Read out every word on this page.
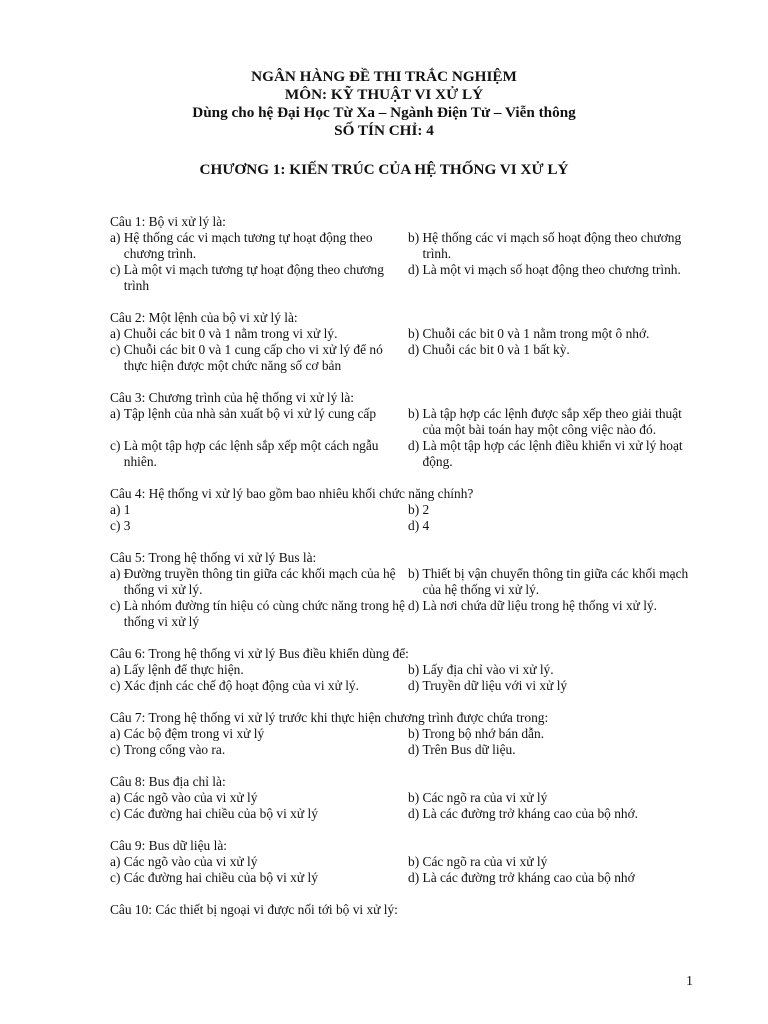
NGÂN HÀNG ĐỀ THI TRẮC NGHIỆM
MÔN: KỸ THUẬT VI XỬ LÝ
Dùng cho hệ Đại Học Từ Xa – Ngành Điện Tử – Viễn thông
SỐ TÍN CHỈ: 4
CHƯƠNG 1: KIẾN TRÚC CỦA HỆ THỐNG VI XỬ LÝ
Câu 1: Bộ vi xử lý là:
a) Hệ thống các vi mạch tương tự hoạt động theo chương trình.
b) Hệ thống các vi mạch số hoạt động theo chương trình.
c) Là một vi mạch tương tự hoạt động theo chương trình
d) Là một vi mạch số hoạt động theo chương trình.
Câu 2: Một lệnh của bộ vi xử lý là:
a) Chuỗi các bit 0 và 1 nằm trong vi xử lý.	b) Chuỗi các bit 0 và 1 nằm trong một ô nhớ.
c) Chuỗi các bit 0 và 1 cung cấp cho vi xử lý để nó thực hiện được một chức năng số cơ bản
d) Chuỗi các bit 0 và 1 bất kỳ.
Câu 3: Chương trình của hệ thống vi xử lý là:
a) Tập lệnh của nhà sản xuất bộ vi xử lý cung cấp	b) Là tập hợp các lệnh được sắp xếp theo giải thuật của một bài toán hay một công việc nào đó.
c) Là một tập hợp các lệnh sắp xếp một cách ngẫu nhiên.
d) Là một tập hợp các lệnh điều khiển vi xử lý hoạt động.
Câu 4: Hệ thống vi xử lý bao gồm bao nhiêu khối chức năng chính?
a) 1	b) 2
c) 3	d) 4
Câu 5: Trong hệ thống vi xử lý Bus là:
a) Đường truyền thông tin giữa các khối mạch của hệ thống vi xử lý.
b) Thiết bị vận chuyển thông tin giữa các khối mạch của hệ thống vi xử lý.
c) Là nhóm đường tín hiệu có cùng chức năng trong hệ thống vi xử lý
d) Là nơi chứa dữ liệu trong hệ thống vi xử lý.
Câu 6: Trong hệ thống vi xử lý Bus điều khiển dùng để:
a) Lấy lệnh để thực hiện.	b) Lấy địa chỉ vào vi xử lý.
c) Xác định các chế độ hoạt động của vi xử lý.	d) Truyền dữ liệu với vi xử lý
Câu 7: Trong hệ thống vi xử lý trước khi thực hiện chương trình được chứa trong:
a) Các bộ đệm trong vi xử lý	b) Trong bộ nhớ bán dẫn.
c) Trong cổng vào ra.	d) Trên Bus dữ liệu.
Câu 8: Bus địa chỉ là:
a) Các ngõ vào của vi xử lý	b) Các ngõ ra của vi xử lý
c) Các đường hai chiều của bộ vi xử lý	d) Là các đường trở kháng cao của bộ nhớ.
Câu 9: Bus dữ liệu là:
a) Các ngõ vào của vi xử lý	b) Các ngõ ra của vi xử lý
c) Các đường hai chiều của bộ vi xử lý	d) Là các đường trở kháng cao của bộ nhớ
Câu 10: Các thiết bị ngoại vi được nối tới bộ vi xử lý:
1
